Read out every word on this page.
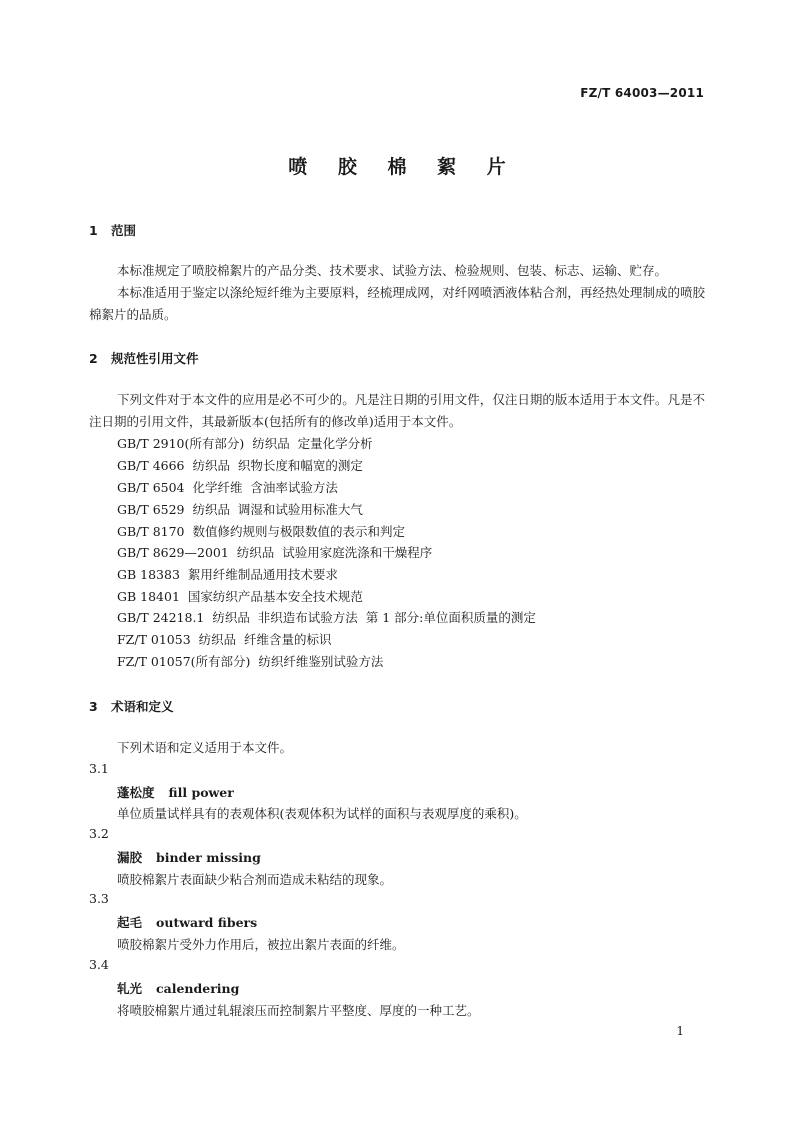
FZ/T 64003—2011
喷 胶 棉 絮 片
1 范围
本标准规定了喷胶棉絮片的产品分类、技术要求、试验方法、检验规则、包装、标志、运输、贮存。
本标准适用于鉴定以涤纶短纤维为主要原料，经梳理成网，对纤网喷洒液体粘合剂，再经热处理制成的喷胶棉絮片的品质。
2 规范性引用文件
下列文件对于本文件的应用是必不可少的。凡是注日期的引用文件，仅注日期的版本适用于本文件。凡是不注日期的引用文件，其最新版本(包括所有的修改单)适用于本文件。
GB/T 2910(所有部分)  纺织品  定量化学分析
GB/T 4666  纺织品  织物长度和幅宽的测定
GB/T 6504  化学纤维  含油率试验方法
GB/T 6529  纺织品  调湿和试验用标准大气
GB/T 8170  数值修约规则与极限数值的表示和判定
GB/T 8629—2001  纺织品  试验用家庭洗涤和干燥程序
GB 18383  絮用纤维制品通用技术要求
GB 18401  国家纺织产品基本安全技术规范
GB/T 24218.1  纺织品  非织造布试验方法  第 1 部分:单位面积质量的测定
FZ/T 01053  纺织品  纤维含量的标识
FZ/T 01057(所有部分)  纺织纤维鉴别试验方法
3 术语和定义
下列术语和定义适用于本文件。
3.1
蓬松度 fill power
单位质量试样具有的表观体积(表观体积为试样的面积与表观厚度的乘积)。
3.2
漏胶 binder missing
喷胶棉絮片表面缺少粘合剂而造成未粘结的现象。
3.3
起毛 outward fibers
喷胶棉絮片受外力作用后，被拉出絮片表面的纤维。
3.4
轧光 calendering
将喷胶棉絮片通过轧辊滚压而控制絮片平整度、厚度的一种工艺。
1
